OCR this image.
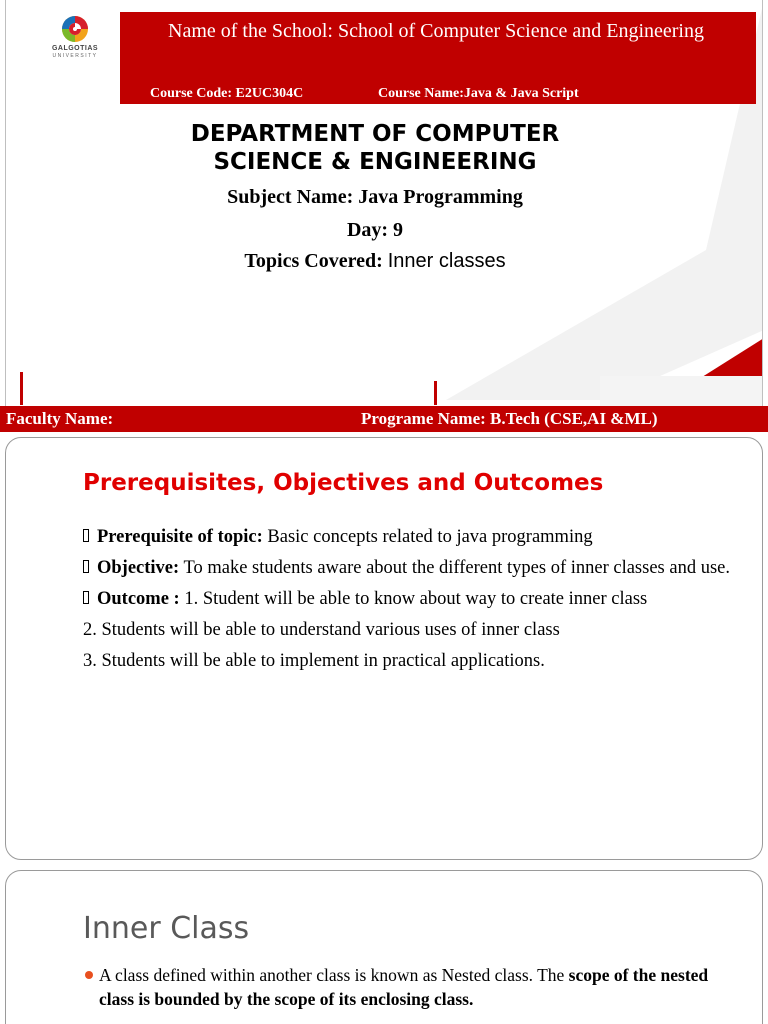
GALGOTIAS
UNIVERSITY
Name of the School: School of Computer Science and Engineering
Course Code: E2UC304C	Course Name:Java & Java Script
DEPARTMENT OF COMPUTER SCIENCE & ENGINEERING
Subject Name: Java Programming
Day: 9
Topics Covered: Inner classes
Faculty Name:	Programe Name: B.Tech (CSE,AI &ML)
Prerequisites, Objectives and Outcomes
Prerequisite of topic: Basic concepts related to java programming
Objective: To make students aware about the different types of inner classes and use.
Outcome : 1. Student will be able to know about way to create inner class
2. Students will be able to understand various uses of inner class
3. Students will be able to implement in practical applications.
Inner Class
A class defined within another class is known as Nested class. The scope of the nested class is bounded by the scope of its enclosing class.
